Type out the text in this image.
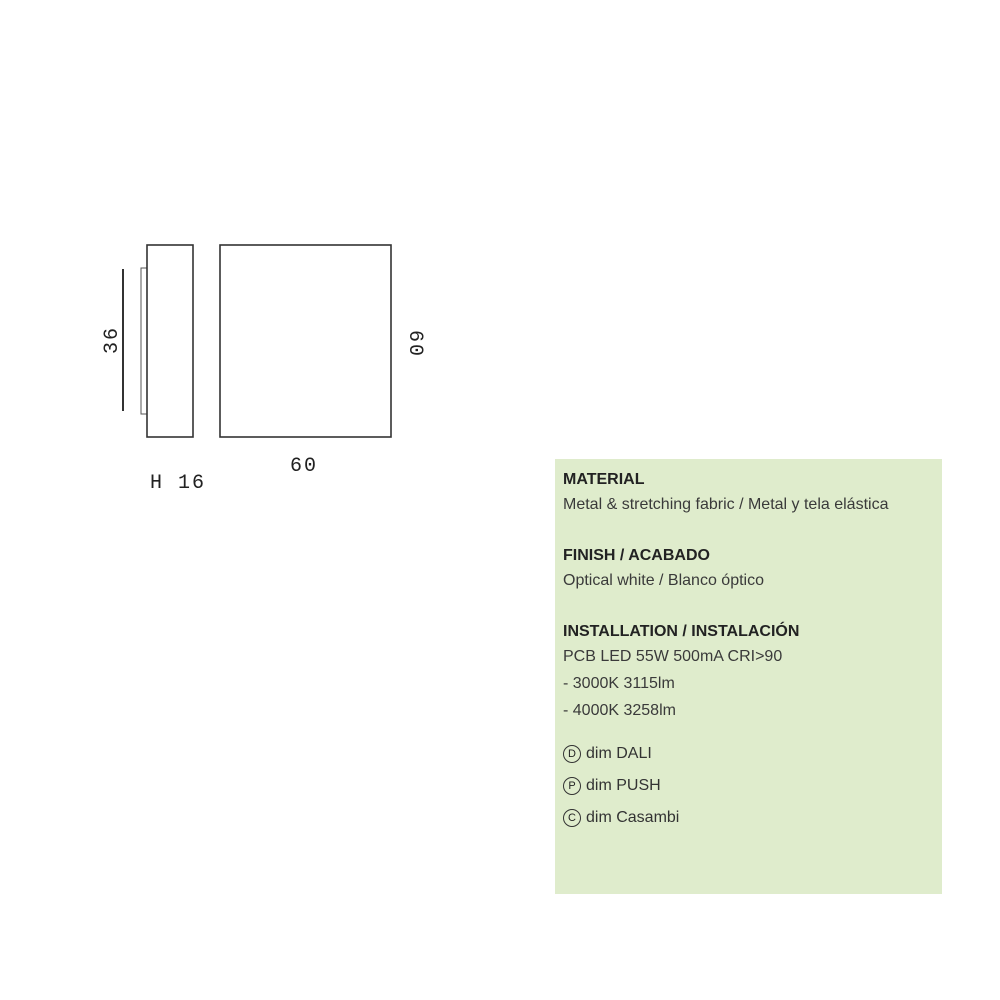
36
H 16
60
60

MATERIAL

Metal & stretching fabric / Metal y tela elástica

FINISH / ACABADO

Optical white / Blanco óptico

INSTALLATION / INSTALACIÓN

PCB LED 55W 500mA CRI>90

- 3000K 3115lm

- 4000K 3258lm

D dim DALI
P dim PUSH
C dim Casambi
